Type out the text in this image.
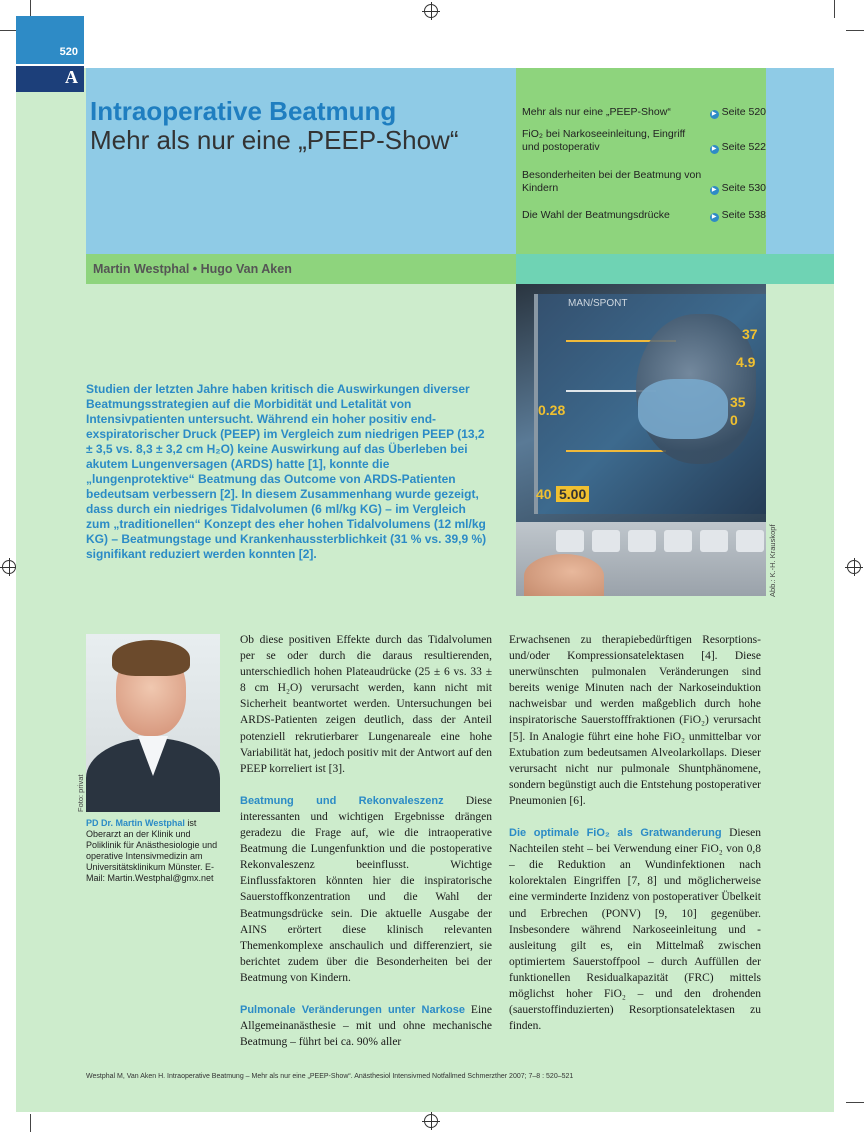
520
A
Intraoperative Beatmung
Mehr als nur eine „PEEP-Show“
Mehr als nur eine „PEEP-Show“	▶ Seite 520
FiO₂ bei Narkoseeinleitung, Eingriff und postoperativ	▶ Seite 522
Besonderheiten bei der Beatmung von Kindern	▶ Seite 530
Die Wahl der Beatmungsdrücke	▶ Seite 538
Martin Westphal • Hugo Van Aken
MAN/SPONT
37
4.9
35
0
0.28
40 5.00
Abb.: K.-H. Krauskopf
Studien der letzten Jahre haben kritisch die Auswirkungen diverser Beatmungsstrategien auf die Morbidität und Letalität von Intensivpatienten untersucht. Während ein hoher positiv end-exspiratorischer Druck (PEEP) im Vergleich zum niedrigen PEEP (13,2 ± 3,5 vs. 8,3 ± 3,2 cm H₂O) keine Auswirkung auf das Überleben bei akutem Lungenversagen (ARDS) hatte [1], konnte die „lungenprotektive“ Beatmung das Outcome von ARDS-Patienten bedeutsam verbessern [2]. In diesem Zusammenhang wurde gezeigt, dass durch ein niedriges Tidalvolumen (6 ml/kg KG) – im Vergleich zum „traditionellen“ Konzept des eher hohen Tidalvolumens (12 ml/kg KG) – Beatmungstage und Krankenhaussterblichkeit (31 % vs. 39,9 %) signifikant reduziert werden konnten [2].
Foto: privat
PD Dr. Martin Westphal ist Oberarzt an der Klinik und Poliklinik für Anästhesiologie und operative Intensivmedizin am Universitätsklinikum Münster. E-Mail: Martin.Westphal@gmx.net

Ob diese positiven Effekte durch das Tidalvolumen per se oder durch die daraus resultierenden, unterschiedlich hohen Plateaudrücke (25 ± 6 vs. 33 ± 8 cm H₂O) verursacht werden, kann nicht mit Sicherheit beantwortet werden. Untersuchungen bei ARDS-Patienten zeigen deutlich, dass der Anteil potenziell rekrutierbarer Lungenareale eine hohe Variabilität hat, jedoch positiv mit der Antwort auf den PEEP korreliert ist [3].

Beatmung und Rekonvaleszenz Diese interessanten und wichtigen Ergebnisse drängen geradezu die Frage auf, wie die intraoperative Beatmung die Lungenfunktion und die postoperative Rekonvaleszenz beeinflusst. Wichtige Einflussfaktoren könnten hier die inspiratorische Sauerstoffkonzentration und die Wahl der Beatmungsdrücke sein. Die aktuelle Ausgabe der AINS erörtert diese klinisch relevanten Themenkomplexe anschaulich und differenziert, sie berichtet zudem über die Besonderheiten bei der Beatmung von Kindern.

Pulmonale Veränderungen unter Narkose Eine Allgemeinanästhesie – mit und ohne mechanische Beatmung – führt bei ca. 90% aller

Erwachsenen zu therapiebedürftigen Resorptions- und/oder Kompressionsatelektasen [4]. Diese unerwünschten pulmonalen Veränderungen sind bereits wenige Minuten nach der Narkoseinduktion nachweisbar und werden maßgeblich durch hohe inspiratorische Sauerstofffraktionen (FiO₂) verursacht [5]. In Analogie führt eine hohe FiO₂ unmittelbar vor Extubation zum bedeutsamen Alveolarkollaps. Dieser verursacht nicht nur pulmonale Shuntphänomene, sondern begünstigt auch die Entstehung postoperativer Pneumonien [6].

Die optimale FiO₂ als Gratwanderung Diesen Nachteilen steht – bei Verwendung einer FiO₂ von 0,8 – die Reduktion an Wundinfektionen nach kolorektalen Eingriffen [7, 8] und möglicherweise eine verminderte Inzidenz von postoperativer Übelkeit und Erbrechen (PONV) [9, 10] gegenüber. Insbesondere während Narkoseeinleitung und -ausleitung gilt es, ein Mittelmaß zwischen optimiertem Sauerstoffpool – durch Auffüllen der funktionellen Residualkapazität (FRC) mittels möglichst hoher FiO₂ – und den drohenden (sauerstoffinduzierten) Resorptionsatelektasen zu finden.

Westphal M, Van Aken H. Intraoperative Beatmung – Mehr als nur eine „PEEP-Show“. Anästhesiol Intensivmed Notfallmed Schmerzther 2007; 7–8 : 520–521
